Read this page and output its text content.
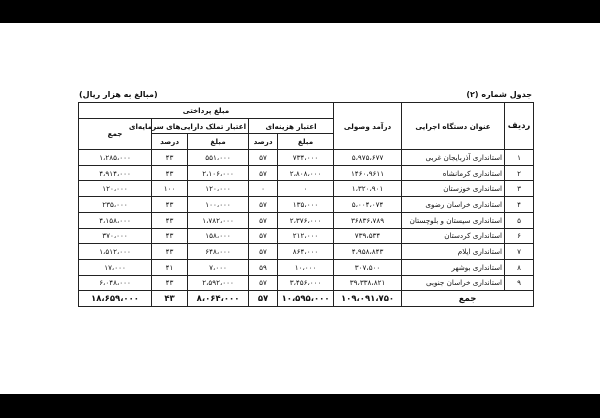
جدول شماره (۲)
(مبالغ به هزار ریال)
ردیف	عنوان دستگاه اجرایی	درآمد وصولی	مبلغ پرداختی				
			اعتبار هزینه‌ای		اعتبار تملک دارایی‌های سرمایه‌ای		جمع
			مبلغ	درصد	مبلغ	درصد	
۱	استانداری آذربایجان غربی	۵،۹۷۵،۶۷۷	۷۳۴،۰۰۰	۵۷	۵۵۱،۰۰۰	۴۳	۱،۲۸۵،۰۰۰
۲	استانداری کرمانشاه	۱۴۶۰،۹۶۱۱	۲،۸۰۸،۰۰۰	۵۷	۲،۱۰۶،۰۰۰	۴۳	۴،۹۱۴،۰۰۰
۳	استانداری خوزستان	۱،۳۲۰،۹۰۱	۰	۰	۱۲۰،۰۰۰	۱۰۰	۱۲۰،۰۰۰
۴	استانداری خراسان رضوی	۵،۰۰۴،۰۷۴	۱۳۵،۰۰۰	۵۷	۱۰۰،۰۰۰	۴۳	۲۳۵،۰۰۰
۵	استانداری سیستان و بلوچستان	۳۶۸۳۶،۷۸۹	۲،۳۷۶،۰۰۰	۵۷	۱،۷۸۲،۰۰۰	۴۳	۴،۱۵۸،۰۰۰
۶	استانداری کردستان	۷۳۹،۵۳۴	۲۱۲،۰۰۰	۵۷	۱۵۸،۰۰۰	۴۳	۳۷۰،۰۰۰
۷	استانداری ایلام	۴،۹۵۸،۸۴۳	۸۶۴،۰۰۰	۵۷	۶۴۸،۰۰۰	۴۳	۱،۵۱۲،۰۰۰
۸	استانداری بوشهر	۳۰۷،۵۰۰	۱۰،۰۰۰	۵۹	۷،۰۰۰	۴۱	۱۷،۰۰۰
۹	استانداری خراسان جنوبی	۳۹،۳۳۸،۸۲۱	۳،۴۵۶،۰۰۰	۵۷	۲،۵۹۲،۰۰۰	۴۳	۶،۰۴۸،۰۰۰
جمع		۱۰۹،۰۹۱،۷۵۰	۱۰،۵۹۵،۰۰۰	۵۷	۸،۰۶۴،۰۰۰	۴۳	۱۸،۶۵۹،۰۰۰
